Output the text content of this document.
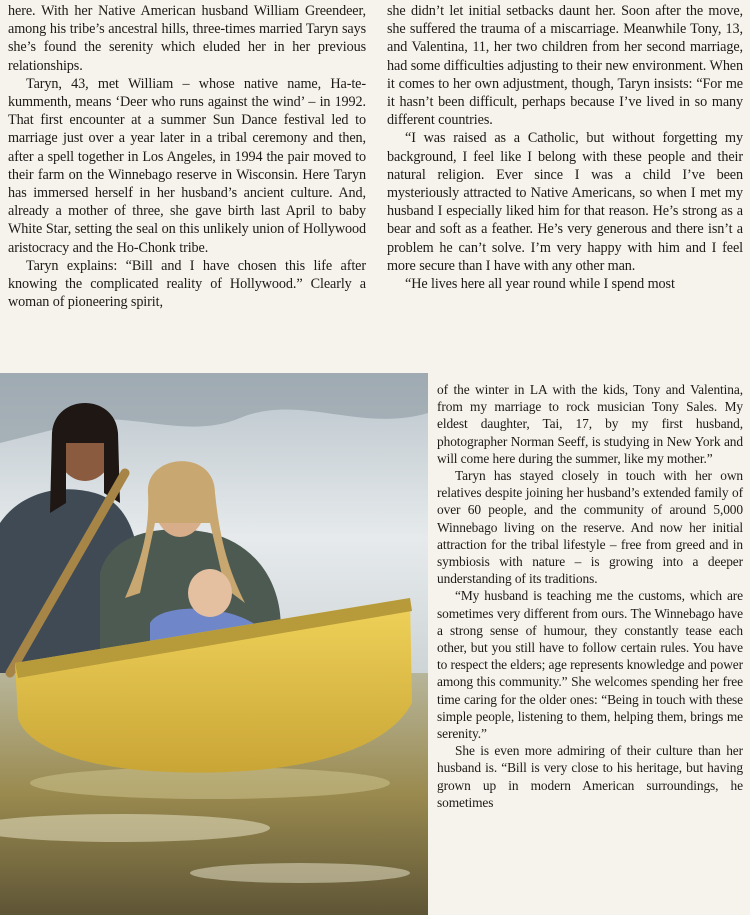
here. With her Native American husband William Greendeer, among his tribe’s ancestral hills, three-times married Taryn says she’s found the serenity which eluded her in her previous relationships.

Taryn, 43, met William – whose native name, Ha-te-kummenth, means ‘Deer who runs against the wind’ – in 1992. That first encounter at a summer Sun Dance festival led to marriage just over a year later in a tribal ceremony and then, after a spell together in Los Angeles, in 1994 the pair moved to their farm on the Winnebago reserve in Wisconsin. Here Taryn has immersed herself in her husband’s ancient culture. And, already a mother of three, she gave birth last April to baby White Star, setting the seal on this unlikely union of Hollywood aristocracy and the Ho-Chonk tribe.

Taryn explains: “Bill and I have chosen this life after knowing the complicated reality of Hollywood.” Clearly a woman of pioneering spirit,

she didn’t let initial setbacks daunt her. Soon after the move, she suffered the trauma of a miscarriage. Meanwhile Tony, 13, and Valentina, 11, her two children from her second marriage, had some difficulties adjusting to their new environment. When it comes to her own adjustment, though, Taryn insists: “For me it hasn’t been difficult, perhaps because I’ve lived in so many different countries.

“I was raised as a Catholic, but without forgetting my background, I feel like I belong with these people and their natural religion. Ever since I was a child I’ve been mysteriously attracted to Native Americans, so when I met my husband I especially liked him for that reason. He’s strong as a bear and soft as a feather. He’s very generous and there isn’t a problem he can’t solve. I’m very happy with him and I feel more secure than I have with any other man.

“He lives here all year round while I spend most

of the winter in LA with the kids, Tony and Valentina, from my marriage to rock musician Tony Sales. My eldest daughter, Tai, 17, by my first husband, photographer Norman Seeff, is studying in New York and will come here during the summer, like my mother.”

Taryn has stayed closely in touch with her own relatives despite joining her husband’s extended family of over 60 people, and the community of around 5,000 Winnebago living on the reserve. And now her initial attraction for the tribal lifestyle – free from greed and in symbiosis with nature – is growing into a deeper understanding of its traditions.

“My husband is teaching me the customs, which are sometimes very different from ours. The Winnebago have a strong sense of humour, they constantly tease each other, but you still have to follow certain rules. You have to respect the elders; age represents knowledge and power among this community.” She welcomes spending her free time caring for the older ones: “Being in touch with these simple people, listening to them, helping them, brings me serenity.”

She is even more admiring of their culture than her husband is. “Bill is very close to his heritage, but having grown up in modern American surroundings, he sometimes
